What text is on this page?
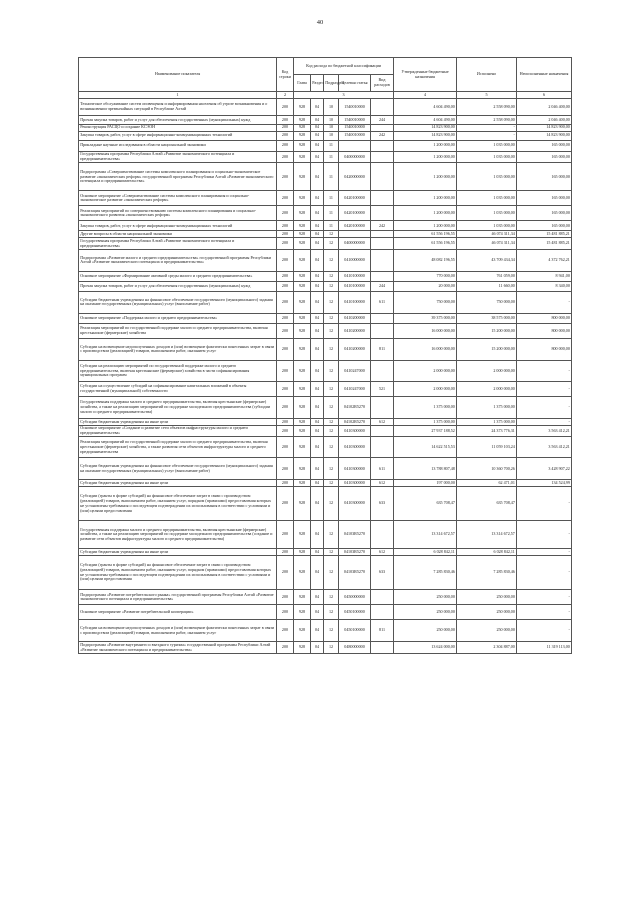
40
Наименование показателя	Код строки	Код расхода по бюджетной классификации					Утвержденные бюджетные назначения	Исполнено	Неисполненные назначения
		Глава	Раздел	Подраздел	Целевая статья	Вид расходов			
1	2	3					4	5	6
Техническое обслуживание систем оповещения и информирования населения об угрозе возникновения и о возникновении чрезвычайных ситуаций в Республике Алтай	200	928	04	10	1540010000		4 604 490,00	2 558 090,00	2 046 400,00
Прочая закупка товаров, работ и услуг для обеспечения государственных (муниципальных) нужд	200	928	04	10	1540010000	244	4 604 490,00	2 558 090,00	2 046 400,00
Реконструкция РАСЦО и создание КСЭОН	200	928	04	10	1540010000		14 823 900,00	-	14 823 900,00
Закупка товаров, работ, услуг в сфере информационно-коммуникационных технологий	200	928	04	10	1540010000	242	14 823 900,00	-	14 823 900,00
Прикладные научные исследования в области национальной экономики	200	928	04	11			1 200 000,00	1 035 000,00	165 000,00
Государственная программа Республики Алтай «Развитие экономического потенциала и предпринимательства»	200	928	04	11	0400000000		1 200 000,00	1 035 000,00	165 000,00
Подпрограмма «Совершенствование системы комплексного планирования и социально-экономическое развитие «экономических реформ» государственной программы Республики Алтай «Развитие экономического потенциала и предпринимательства»	200	928	04	11	0420000000		1 200 000,00	1 035 000,00	165 000,00
Основное мероприятие «Совершенствование системы комплексного планирования и социально-экономическое развитие «экономических реформ»	200	928	04	11	0420100000		1 200 000,00	1 035 000,00	165 000,00
Реализация мероприятий по совершенствованию системы комплексного планирования и социально-экономического развития «экономических реформ»	200	928	04	11	0420100000		1 200 000,00	1 035 000,00	165 000,00
Закупка товаров, работ, услуг в сфере информационно-коммуникационных технологий	200	928	04	11	0420100000	242	1 200 000,00	1 035 000,00	165 000,00
Другие вопросы в области национальной экономики	200	928	04	12			61 556 196,55	46 074 311,34	15 481 885,21
Государственная программа Республики Алтай «Развитие экономического потенциала и предпринимательства»	200	928	04	12	0400000000		61 556 196,55	46 074 311,34	15 481 885,21
Подпрограмма «Развитие малого и среднего предпринимательства» государственной программы Республики Алтай «Развитие экономического потенциала и предпринимательства»	200	928	04	12	0410000000		48 082 196,55	43 709 434,34	4 372 762,21
Основное мероприятие «Формирование активной среды малого и среднего предпринимательства»	200	928	04	12	0410100000		770 000,00	761 059,00	8 941,00
Прочая закупка товаров, работ и услуг для обеспечения государственных (муниципальных) нужд	200	928	04	12	0410100000	244	20 000,00	11 660,00	8 340,00
Субсидии бюджетным учреждениям на финансовое обеспечение государственного (муниципального) задания на оказание государственных (муниципальных) услуг (выполнение работ)	200	928	04	12	0410100000	611	750 000,00	750 000,00	-
Основное мероприятие «Поддержка малого и среднего предпринимательства»	200	928	04	12	0410200000		39 375 000,00	38 575 000,00	800 000,00
Реализация мероприятий по государственной поддержке малого и среднего предпринимательства, включая крестьянские (фермерские) хозяйства	200	928	04	12	0410200000		16 000 000,00	15 200 000,00	800 000,00
Субсидии на возмещение недополученных доходов и (или) возмещение фактически понесенных затрат в связи с производством (реализацией) товаров, выполнением работ, оказанием услуг	200	928	04	12	0410200000	811	16 000 000,00	15 200 000,00	800 000,00
Субсидии на реализацию мероприятий по государственной поддержке малого и среднего предпринимательства, включая крестьянские (фермерские) хозяйства в части софинансирования муниципальных программ	200	928	04	12	0410247000		2 000 000,00	2 000 000,00	-
Субсидии на осуществление субсидий на софинансирование капитальных вложений в объекты государственной (муниципальной) собственности	200	928	04	12	0410247000	521	2 000 000,00	2 000 000,00	-
Государственная поддержка малого и среднего предпринимательства, включая крестьянские (фермерские) хозяйства, а также на реализацию мероприятий по поддержке молодежного предпринимательства (субсидии малого и среднего предпринимательства)	200	928	04	12	04102R5270		1 375 000,00	1 375 000,00	-
Субсидии бюджетным учреждениям на иные цели	200	928	04	12	04102R5270	612	1 375 000,00	1 375 000,00	-
Основное мероприятие «Создание и развитие сети объектов инфраструктуры малого и среднего предпринимательства»	200	928	04	12	0410300000		27 937 188,52	24 373 776,31	3 563 412,21
Реализация мероприятий по государственной поддержке малого и среднего предпринимательства, включая крестьянские (фермерские) хозяйства, а также развития сети объектов инфраструктуры малого и среднего предпринимательства	200	928	04	12	0410300000		14 622 515,53	11 059 103,24	3 563 412,21
Субсидии бюджетным учреждениям на финансовое обеспечение государственного (муниципального) задания на оказание государственных (муниципальных) услуг (выполнение работ)	200	928	04	12	0410300000	611	13 788 807,48	10 360 700,26	3 428 907,22
Субсидии бюджетным учреждениям на иные цели	200	928	04	12	0410300000	612	197 000,00	62 471,01	134 524,99
Субсидии (гранты в форме субсидий) на финансовое обеспечение затрат в связи с производством (реализацией) товаров, выполнением работ, оказанием услуг, порядком (правилами) предоставления которых не установлены требования о последующем подтверждении их использования в соответствии с условиями и (или) целями предоставления	200	928	04	12	0410300000	633	635 708,47	635 708,47	-
Государственная поддержка малого и среднего предпринимательства, включая крестьянские (фермерские) хозяйства, а также на реализацию мероприятий по поддержке молодежного предпринимательства (создание и развитие сети объектов инфраструктуры малого и среднего предпринимательства)	200	928	04	12	04103R5270		13 314 672,57	13 314 672,57	-
Субсидии бюджетным учреждениям на иные цели	200	928	04	12	04103R5270	612	6 028 842,11	6 028 842,11	-
Субсидии (гранты в форме субсидий) на финансовое обеспечение затрат в связи с производством (реализацией) товаров, выполнением работ, оказанием услуг, порядком (правилами) предоставления которых не установлены требования о последующем подтверждении их использования в соответствии с условиями и (или) целями предоставления	200	928	04	12	04103R5270	633	7 285 830,46	7 285 830,46	-
Подпрограмма «Развитие потребительского рынка» государственной программы Республики Алтай «Развитие экономического потенциала и предпринимательства»	200	928	04	12	0450000000		250 000,00	250 000,00	-
Основное мероприятие «Развитие потребительской кооперации»	200	928	04	12	0450100000		250 000,00	250 000,00	-
Субсидии на возмещение недополученных доходов и (или) возмещение фактически понесенных затрат в связи с производством (реализацией) товаров, выполнением работ, оказанием услуг	200	928	04	12	0450100000	811	250 000,00	250 000,00	-
Подпрограмма «Развитие внутреннего и въездного туризма» государственной программы Республики Алтай «Развитие экономического потенциала и предпринимательства»	200	928	04	12	0480000000		13 624 000,00	2 304 887,00	11 319 113,00
